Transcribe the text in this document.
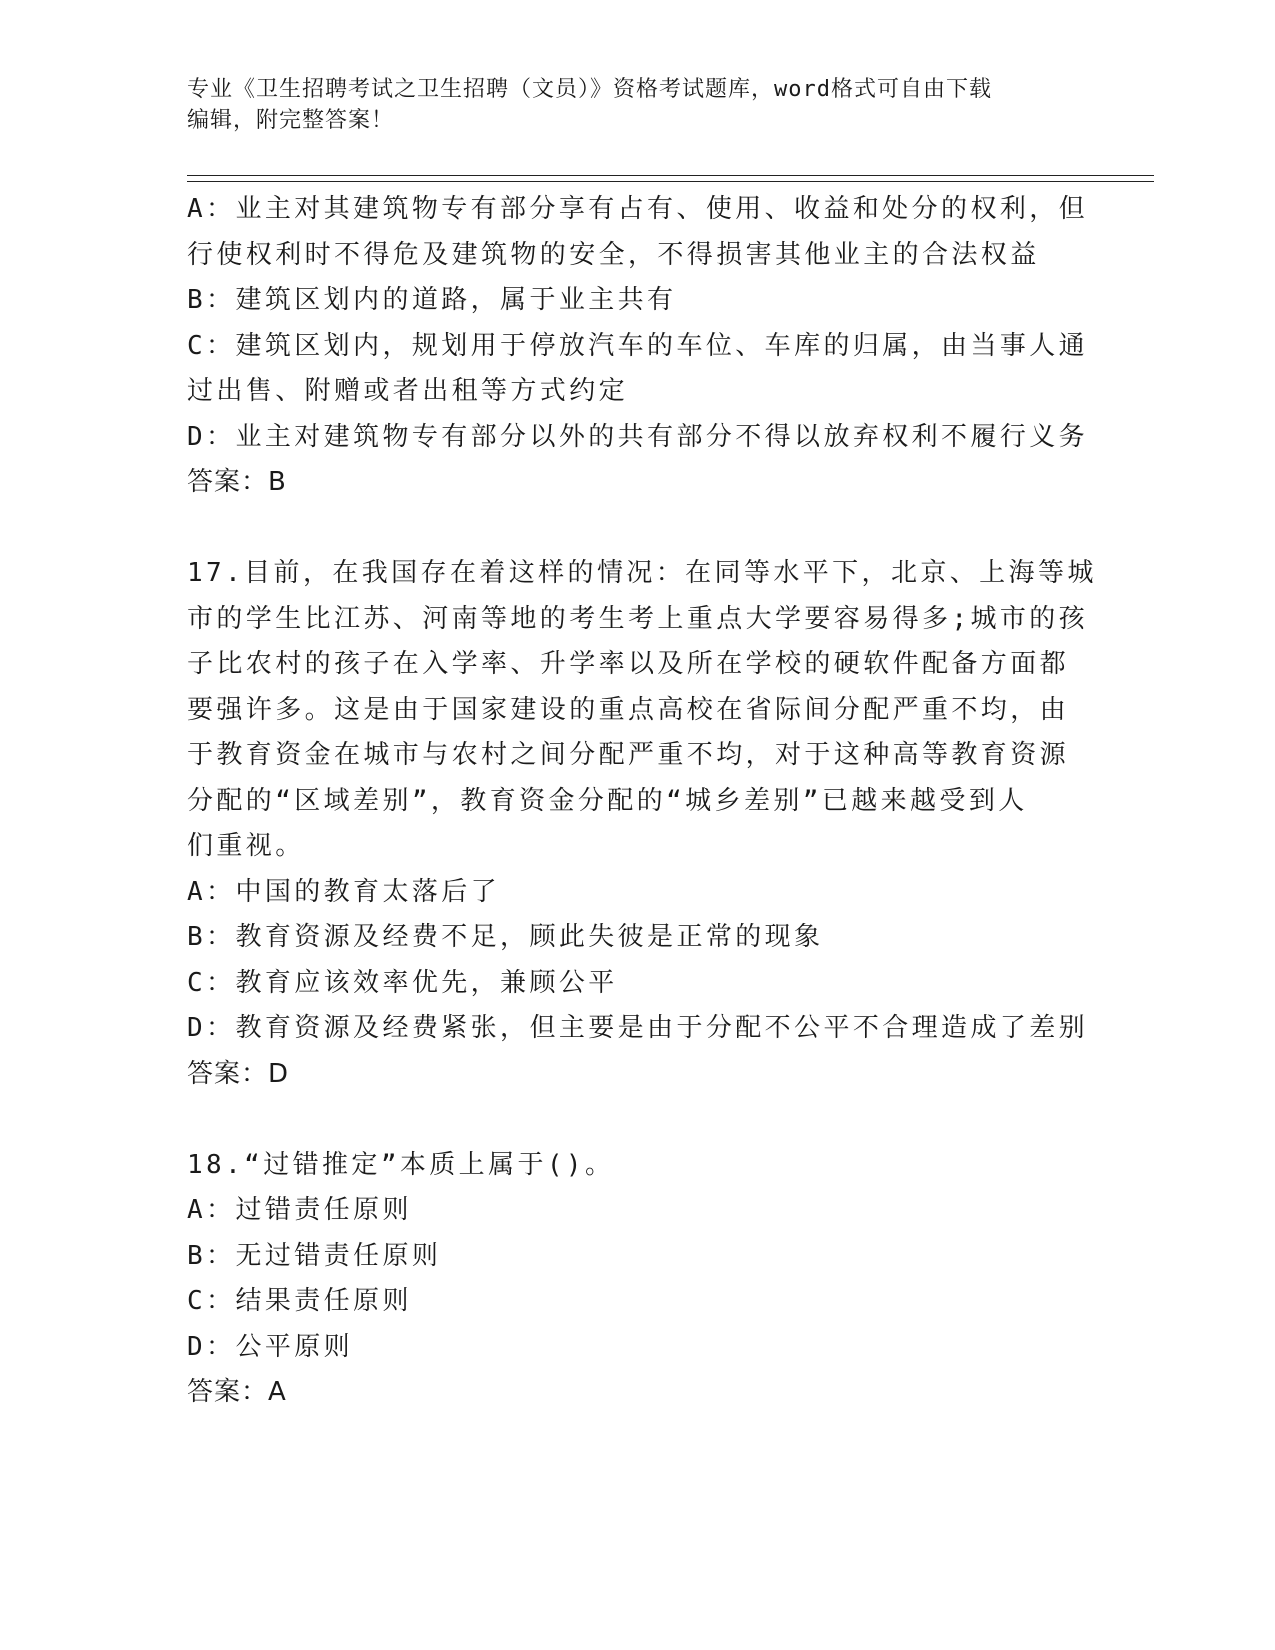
专业《卫生招聘考试之卫生招聘（文员）》资格考试题库，word格式可自由下载
编辑，附完整答案！
A：业主对其建筑物专有部分享有占有、使用、收益和处分的权利，但
行使权利时不得危及建筑物的安全，不得损害其他业主的合法权益
B：建筑区划内的道路，属于业主共有
C：建筑区划内，规划用于停放汽车的车位、车库的归属，由当事人通
过出售、附赠或者出租等方式约定
D：业主对建筑物专有部分以外的共有部分不得以放弃权利不履行义务
答案：B
17.目前，在我国存在着这样的情况：在同等水平下，北京、上海等城
市的学生比江苏、河南等地的考生考上重点大学要容易得多;城市的孩
子比农村的孩子在入学率、升学率以及所在学校的硬软件配备方面都
要强许多。这是由于国家建设的重点高校在省际间分配严重不均，由
于教育资金在城市与农村之间分配严重不均，对于这种高等教育资源
分配的“区域差别”，教育资金分配的“城乡差别”已越来越受到人
们重视。
A：中国的教育太落后了
B：教育资源及经费不足，顾此失彼是正常的现象
C：教育应该效率优先，兼顾公平
D：教育资源及经费紧张，但主要是由于分配不公平不合理造成了差别
答案：D
18.“过错推定”本质上属于()。
A：过错责任原则
B：无过错责任原则
C：结果责任原则
D：公平原则
答案：A
